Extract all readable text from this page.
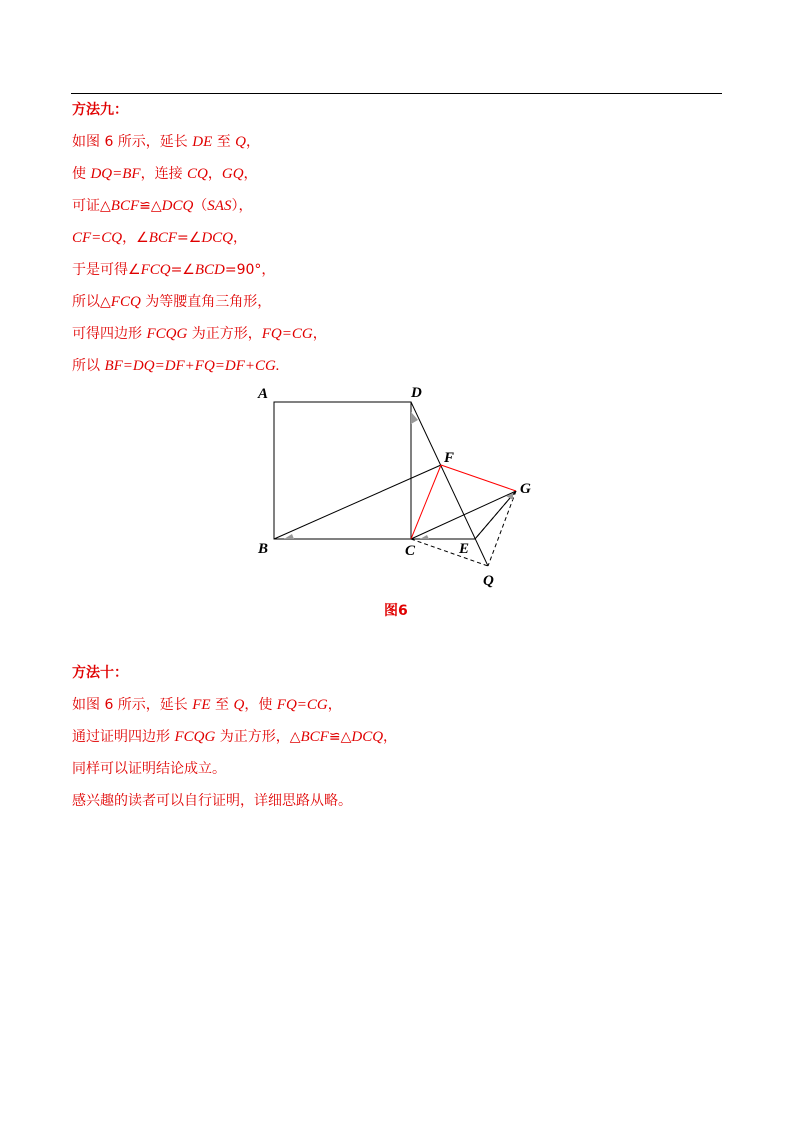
方法九：
如图 6 所示，延长 DE 至 Q，
使 DQ=BF，连接 CQ，GQ，
可证△BCF≌△DCQ（SAS），
CF=CQ，∠BCF=∠DCQ，
于是可得∠FCQ=∠BCD=90°，
所以△FCQ 为等腰直角三角形，
可得四边形 FCQG 为正方形，FQ=CG，
所以 BF=DQ=DF+FQ=DF+CG.
A	D
B	C	E
F
G
Q
图6
方法十：
如图 6 所示，延长 FE 至 Q，使 FQ=CG，
通过证明四边形 FCQG 为正方形，△BCF≌△DCQ，
同样可以证明结论成立。
感兴趣的读者可以自行证明，详细思路从略。
